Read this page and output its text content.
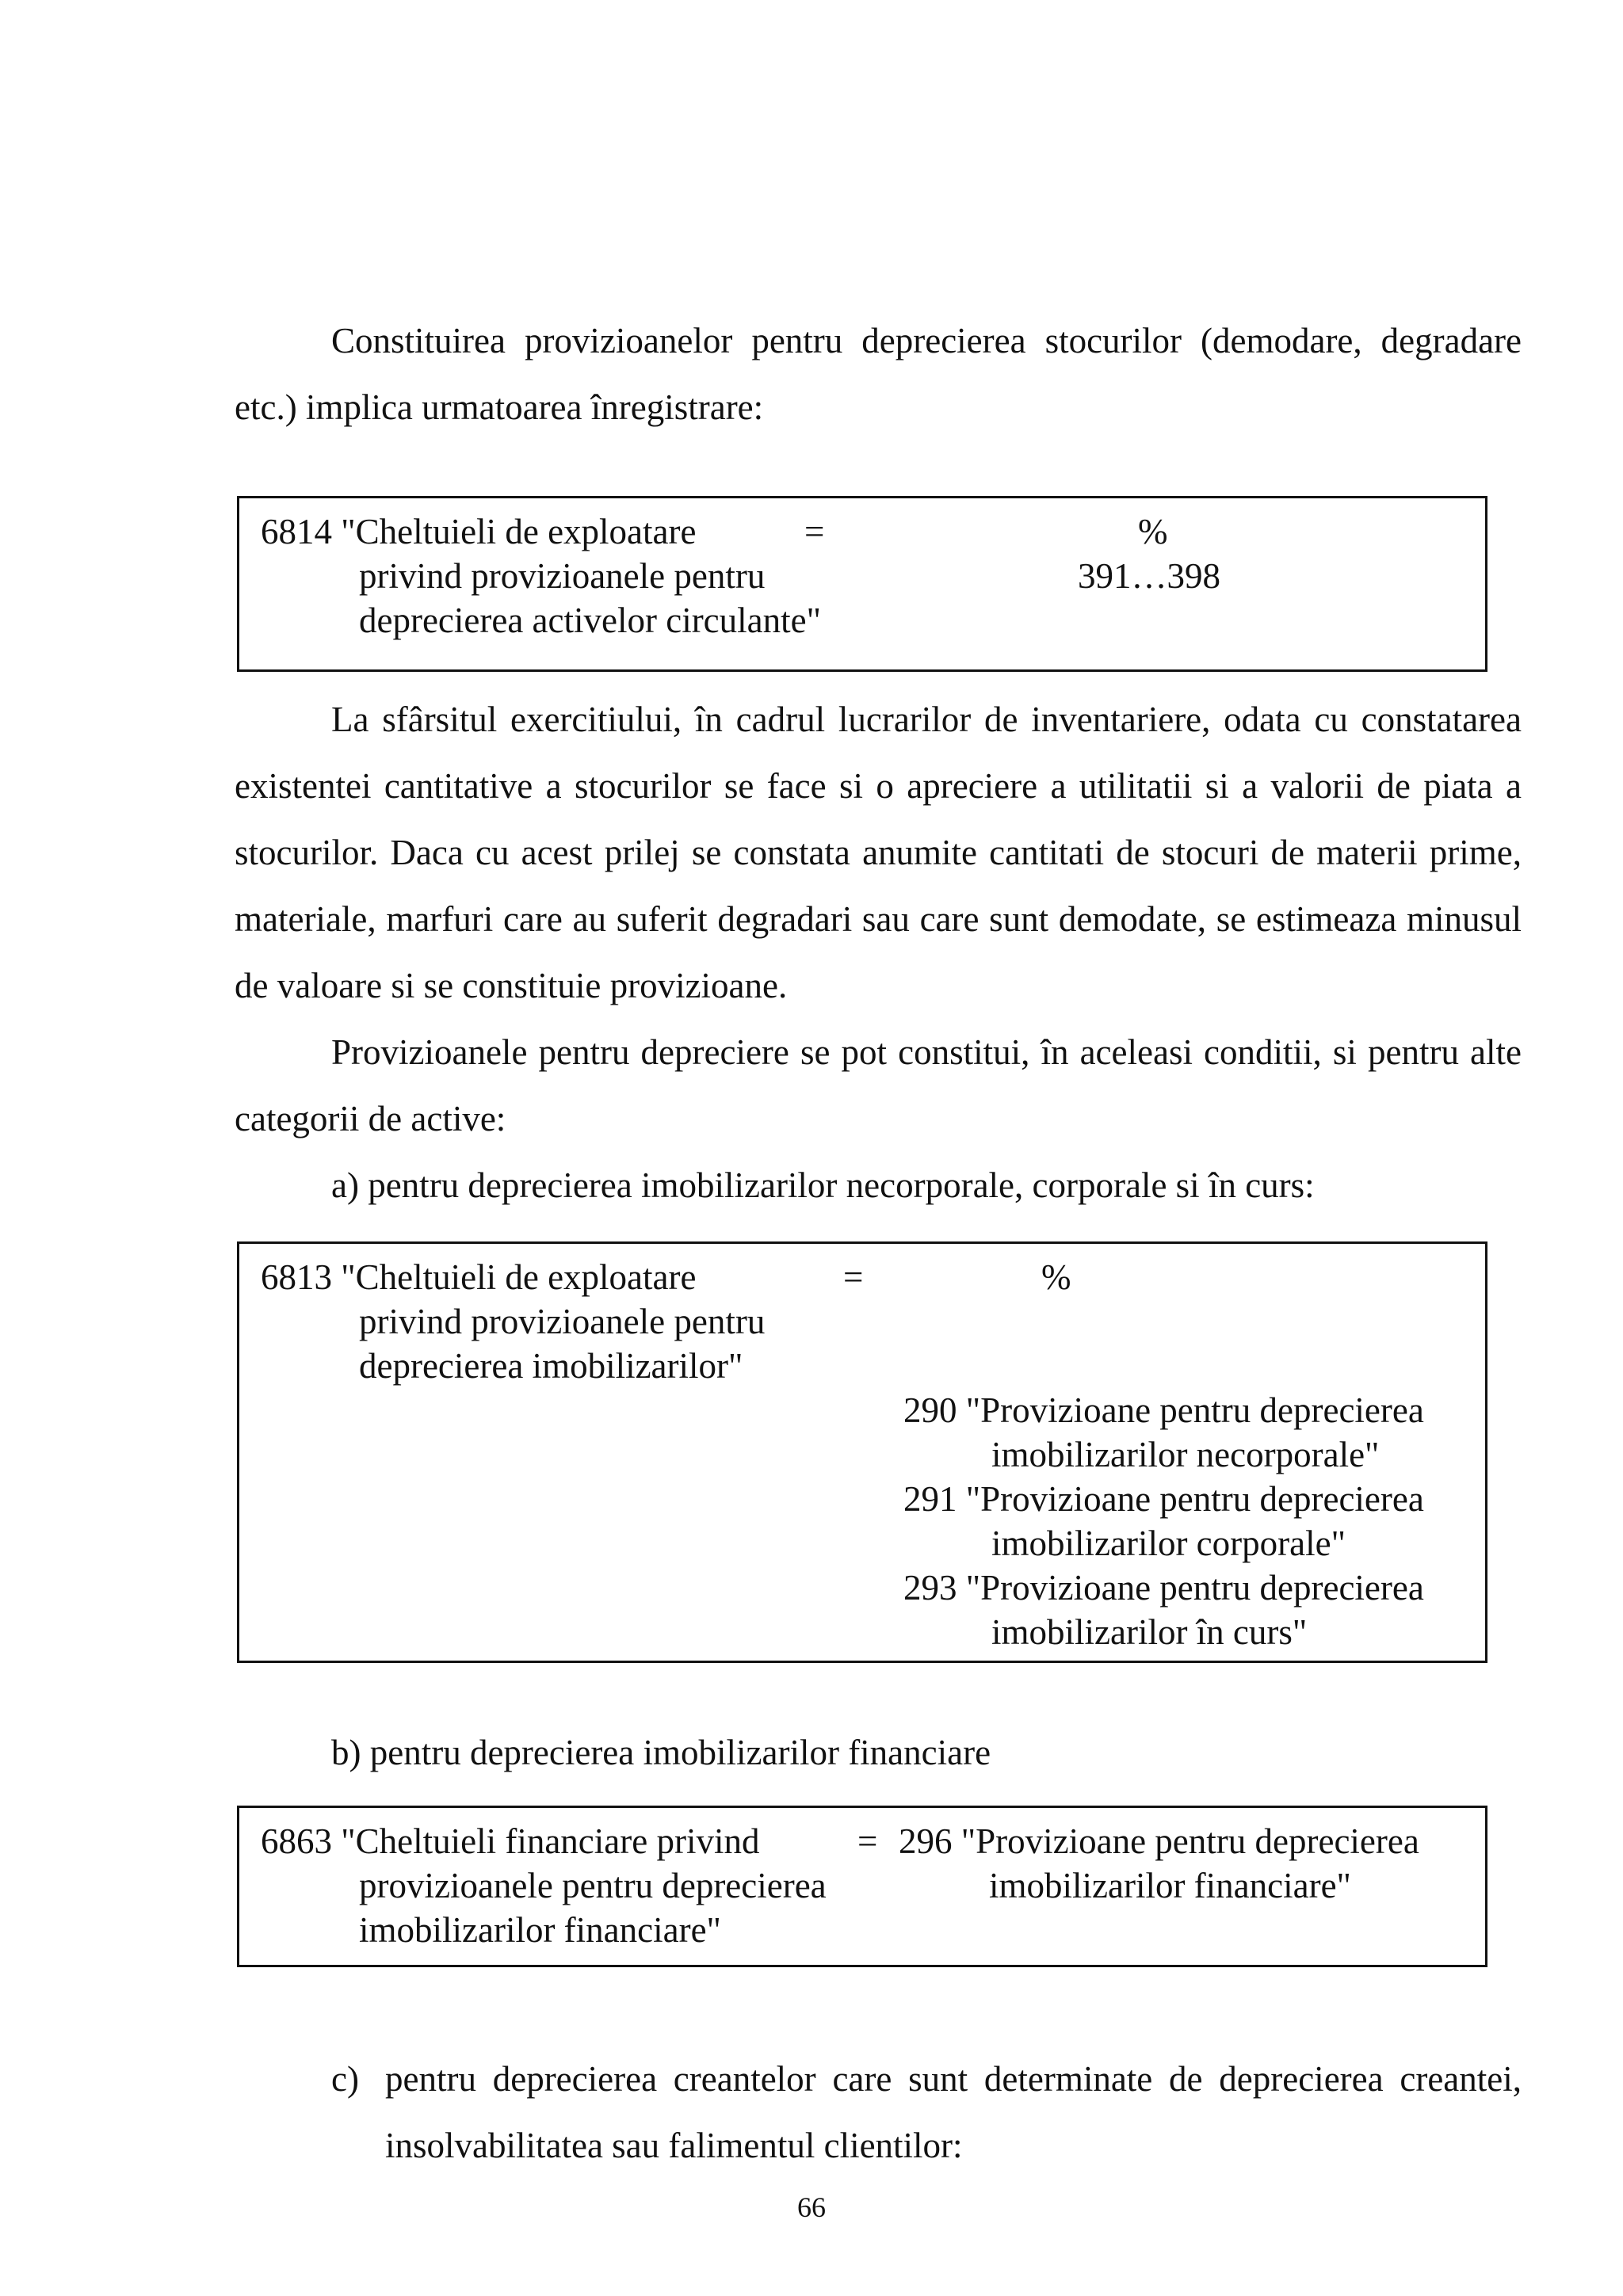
Constituirea provizioanelor pentru deprecierea stocurilor (demodare, degradare etc.) implica urmatoarea înregistrare:

6814 "Cheltuieli de exploatare
privind provizioanele pentru
deprecierea activelor circulante"
=	%
391…398

La sfârsitul exercitiului, în cadrul lucrarilor de inventariere, odata cu constatarea existentei cantitative a stocurilor se face si o apreciere a utilitatii si a valorii de piata a stocurilor. Daca cu acest prilej se constata anumite cantitati de stocuri de materii prime, materiale, marfuri care au suferit degradari sau care sunt demodate, se estimeaza minusul de valoare si se constituie provizioane.

Provizioanele pentru depreciere se pot constitui, în aceleasi conditii, si pentru alte categorii de active:

a) pentru deprecierea imobilizarilor necorporale, corporale si în curs:
6813 "Cheltuieli de exploatare
privind provizioanele pentru
deprecierea imobilizarilor"
=	%
290 "Provizioane pentru deprecierea
imobilizarilor necorporale"
291 "Provizioane pentru deprecierea
imobilizarilor corporale"
293 "Provizioane pentru deprecierea
imobilizarilor în curs"
b) pentru deprecierea imobilizarilor financiare
6863 "Cheltuieli financiare privind
provizioanele pentru deprecierea
imobilizarilor financiare"
= 296 "Provizioane pentru deprecierea
imobilizarilor financiare"
c) pentru deprecierea creantelor care sunt determinate de deprecierea creantei, insolvabilitatea sau falimentul clientilor:
66
